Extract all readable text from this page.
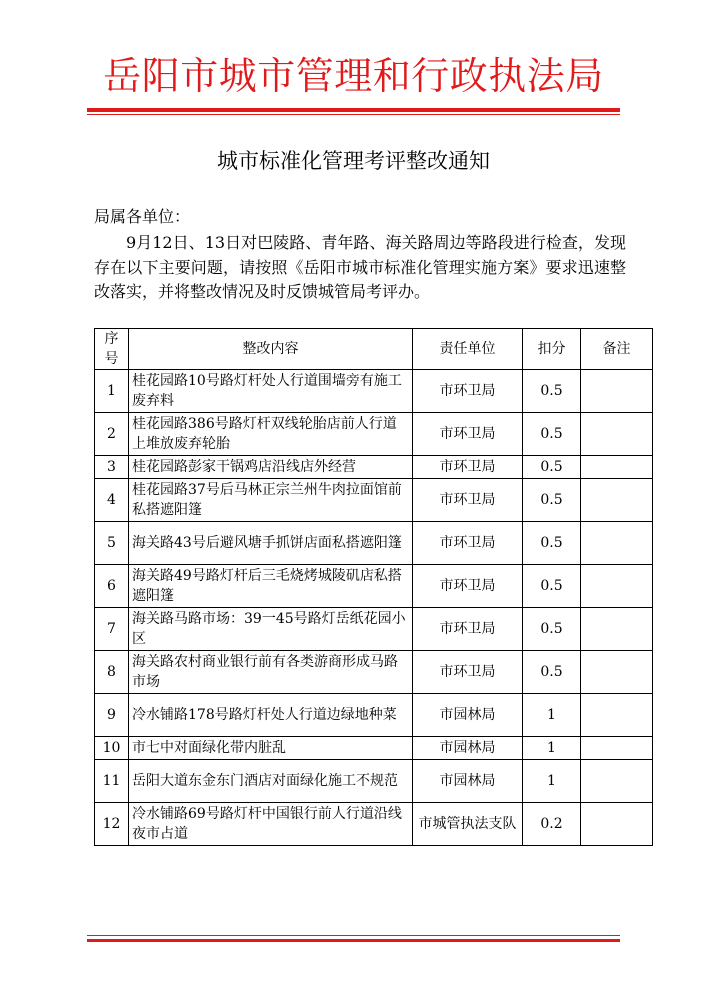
岳阳市城市管理和行政执法局
城市标准化管理考评整改通知
局属各单位：
9月12日、13日对巴陵路、青年路、海关路周边等路段进行检查，发现存在以下主要问题，请按照《岳阳市城市标准化管理实施方案》要求迅速整改落实，并将整改情况及时反馈城管局考评办。
序号	整改内容	责任单位	扣分	备注
1	桂花园路10号路灯杆处人行道围墙旁有施工废弃料	市环卫局	0.5	
2	桂花园路386号路灯杆双线轮胎店前人行道上堆放废弃轮胎	市环卫局	0.5	
3	桂花园路彭家干锅鸡店沿线店外经营	市环卫局	0.5	
4	桂花园路37号后马林正宗兰州牛肉拉面馆前私搭遮阳篷	市环卫局	0.5	
5	海关路43号后避风塘手抓饼店面私搭遮阳篷	市环卫局	0.5	
6	海关路49号路灯杆后三毛烧烤城陵矶店私搭遮阳篷	市环卫局	0.5	
7	海关路马路市场：39一45号路灯岳纸花园小区	市环卫局	0.5	
8	海关路农村商业银行前有各类游商形成马路市场	市环卫局	0.5	
9	冷水铺路178号路灯杆处人行道边绿地种菜	市园林局	1	
10	市七中对面绿化带内脏乱	市园林局	1	
11	岳阳大道东金东门酒店对面绿化施工不规范	市园林局	1	
12	冷水铺路69号路灯杆中国银行前人行道沿线夜市占道	市城管执法支队	0.2	
